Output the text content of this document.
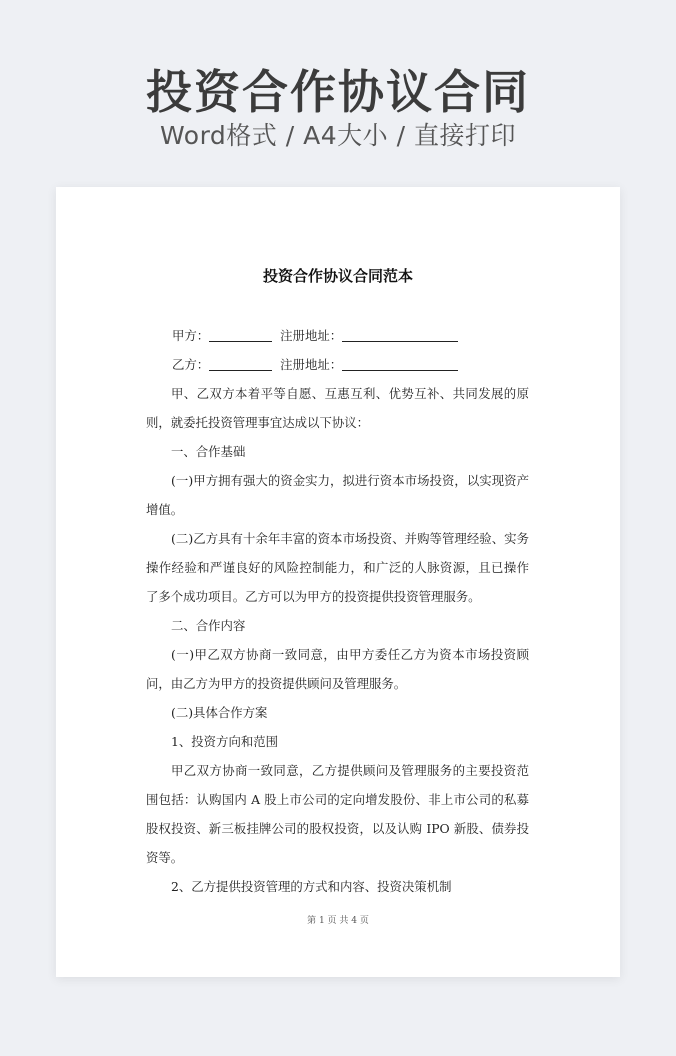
投资合作协议合同
Word格式 / A4大小 / 直接打印
投资合作协议合同范本
甲方：	注册地址：
乙方：	注册地址：
甲、乙双方本着平等自愿、互惠互利、优势互补、共同发展的原则，就委托投资管理事宜达成以下协议：
一、合作基础
(一)甲方拥有强大的资金实力，拟进行资本市场投资，以实现资产增值。
(二)乙方具有十余年丰富的资本市场投资、并购等管理经验、实务操作经验和严谨良好的风险控制能力，和广泛的人脉资源，且已操作了多个成功项目。乙方可以为甲方的投资提供投资管理服务。
二、合作内容
(一)甲乙双方协商一致同意，由甲方委任乙方为资本市场投资顾问，由乙方为甲方的投资提供顾问及管理服务。
(二)具体合作方案
1、投资方向和范围
甲乙双方协商一致同意，乙方提供顾问及管理服务的主要投资范围包括：认购国内 A 股上市公司的定向增发股份、非上市公司的私募股权投资、新三板挂牌公司的股权投资，以及认购 IPO 新股、债券投资等。
2、乙方提供投资管理的方式和内容、投资决策机制
第 1 页 共 4 页
